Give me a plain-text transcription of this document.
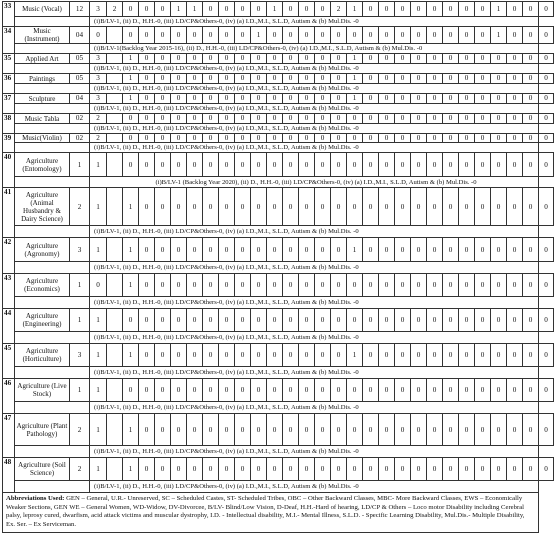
33	Music (Vocal)	12	3	2	0	0	0	1	1	0	0	0	0	1	0	0	0	2	1	0	0	0	0	0	0	0	0	1	0	0	0
			(i)B/LV-1, (ii) D., H.H.-0, (iii) LD/CP&Others-0, (iv) (a) I.D.,M.I., S.L.D, Autism & (b) Mul.Dis. -0																												
34	Music (Instrument)	04	0		0	0	0	0	0	0	0	0	1	0	0	0	0	0	0	0	0	0	0	0	0	0	0	1	0	0	0
			(i)B/LV-1(Backlog Year 2015-16), (ii) D., H.H.-0, (iii) LD/CP&Others-0, (iv) (a) I.D.,M.I., S.L.D, Autism & (b) Mul.Dis. -0																												
35	Applied Art	05	3		1	0	0	0	0	0	0	0	0	0	0	0	0	0	1	0	0	0	0	0	0	0	0	0	0	0	0
			(i)B/LV-1, (ii) D., H.H.-0, (iii) LD/CP&Others-0, (iv) (a) I.D.,M.I., S.L.D, Autism & (b) Mul.Dis. -0																												
36	Paintings	05	3		1	0	0	0	0	0	0	0	0	0	0	0	0	0	1	0	0	0	0	0	0	0	0	0	0	0	0
			(i)B/LV-1, (ii) D., H.H.-0, (iii) LD/CP&Others-0, (iv) (a) I.D.,M.I., S.L.D, Autism & (b) Mul.Dis. -0																												
37	Sculpture	04	3		1	0	0	0	0	0	0	0	0	0	0	0	0	0	1	0	0	0	0	0	0	0	0	0	0	0	0
			(i)B/LV-1, (ii) D., H.H.-0, (iii) LD/CP&Others-0, (iv) (a) I.D.,M.I., S.L.D, Autism & (b) Mul.Dis. -0																												
38	Music Tabla	02	2		0	0	0	0	0	0	0	0	0	0	0	0	0	0	0	0	0	0	0	0	0	0	0	0	0	0	0
			(i)B/LV-1, (ii) D., H.H.-0, (iii) LD/CP&Others-0, (iv) (a) I.D.,M.I., S.L.D, Autism & (b) Mul.Dis. -0																												
39	Music(Violin)	02	2		0	0	0	0	0	0	0	0	0	0	0	0	0	0	0	0	0	0	0	0	0	0	0	0	0	0	0
			(i)B/LV-1, (ii) D., H.H.-0, (iii) LD/CP&Others-0, (iv) (a) I.D.,M.I., S.L.D, Autism & (b) Mul.Dis. -0																												
40	Agriculture (Entomology)	1	1		0	0	0	0	0	0	0	0	0	0	0	0	0	0	0	0	0	0	0	0	0	0	0	0	0	0	0
			(i)B/LV-1 (Backlog Year 2020), (ii) D., H.H.-0, (iii) LD/CP&Others-0, (iv) (a) I.D.,M.I., S.L.D, Autism & (b) Mul.Dis. -0																												
41	Agriculture (Animal Husbandry & Dairy Science)	2	1		1	0	0	0	0	0	0	0	0	0	0	0	0	0	0	0	0	0	0	0	0	0	0	0	0	0	0
			(i)B/LV-1, (ii) D., H.H.-0, (iii) LD/CP&Others-0, (iv) (a) I.D.,M.I., S.L.D, Autism & (b) Mul.Dis. -0																												
42	Agriculture (Agronomy)	3	1		1	0	0	0	0	0	0	0	0	0	0	0	0	0	1	0	0	0	0	0	0	0	0	0	0	0	0
			(i)B/LV-1, (ii) D., H.H.-0, (iii) LD/CP&Others-0, (iv) (a) I.D.,M.I., S.L.D, Autism & (b) Mul.Dis. -0																												
43	Agriculture (Economics)	1	0		1	0	0	0	0	0	0	0	0	0	0	0	0	0	0	0	0	0	0	0	0	0	0	0	0	0	0
			(i)B/LV-1, (ii) D., H.H.-0, (iii) LD/CP&Others-0, (iv) (a) I.D.,M.I., S.L.D, Autism & (b) Mul.Dis. -0																												
44	Agriculture (Engineering)	1	1		0	0	0	0	0	0	0	0	0	0	0	0	0	0	0	0	0	0	0	0	0	0	0	0	0	0	0
			(i)B/LV-1, (ii) D., H.H.-0, (iii) LD/CP&Others-0, (iv) (a) I.D.,M.I., S.L.D, Autism & (b) Mul.Dis. -0																												
45	Agriculture (Horticulture)	3	1		1	0	0	0	0	0	0	0	0	0	0	0	0	0	1	0	0	0	0	0	0	0	0	0	0	0	0
			(i)B/LV-1, (ii) D., H.H.-0, (iii) LD/CP&Others-0, (iv) (a) I.D.,M.I., S.L.D, Autism & (b) Mul.Dis. -0																												
46	Agriculture (Live Stock)	1	1		0	0	0	0	0	0	0	0	0	0	0	0	0	0	0	0	0	0	0	0	0	0	0	0	0	0	0
			(i)B/LV-1, (ii) D., H.H.-0, (iii) LD/CP&Others-0, (iv) (a) I.D.,M.I., S.L.D, Autism & (b) Mul.Dis. -0																												
47	Agriculture (Plant Pathology)	2	1		1	0	0	0	0	0	0	0	0	0	0	0	0	0	0	0	0	0	0	0	0	0	0	0	0	0	0
			(i)B/LV-1, (ii) D., H.H.-0, (iii) LD/CP&Others-0, (iv) (a) I.D.,M.I., S.L.D, Autism & (b) Mul.Dis. -0																												
48	Agriculture (Soil Science)	2	1		1	0	0	0	0	0	0	0	0	0	0	0	0	0	0	0	0	0	0	0	0	0	0	0	0	0	0
			(i)B/LV-1, (ii) D., H.H.-0, (iii) LD/CP&Others-0, (iv) (a) I.D.,M.I., S.L.D, Autism & (b) Mul.Dis. -0																												
Abbreviations Used: GEN – General, U.R.- Unreserved, SC – Scheduled Castes, ST- Scheduled Tribes, OBC – Other Backward Classes, MBC- More Backward Classes, EWS – Economically Weaker Sections, GEN WE – General Women, WD-Widow, DV-Divorcee, B/LV- Blind/Low Vision, D-Deaf, H.H.-Hard of hearing, LD/CP & Others – Loco motor Disability including Cerebral palsy, leprosy cured, dwarfism, acid attack victims and muscular dystrophy, I.D. - Intellectual disability, M.I.- Mental Illness, S.L.D. - Specific Learning Disability, Mul.Dis.- Multiple Disability, Ex. Ser. – Ex Serviceman.																															
